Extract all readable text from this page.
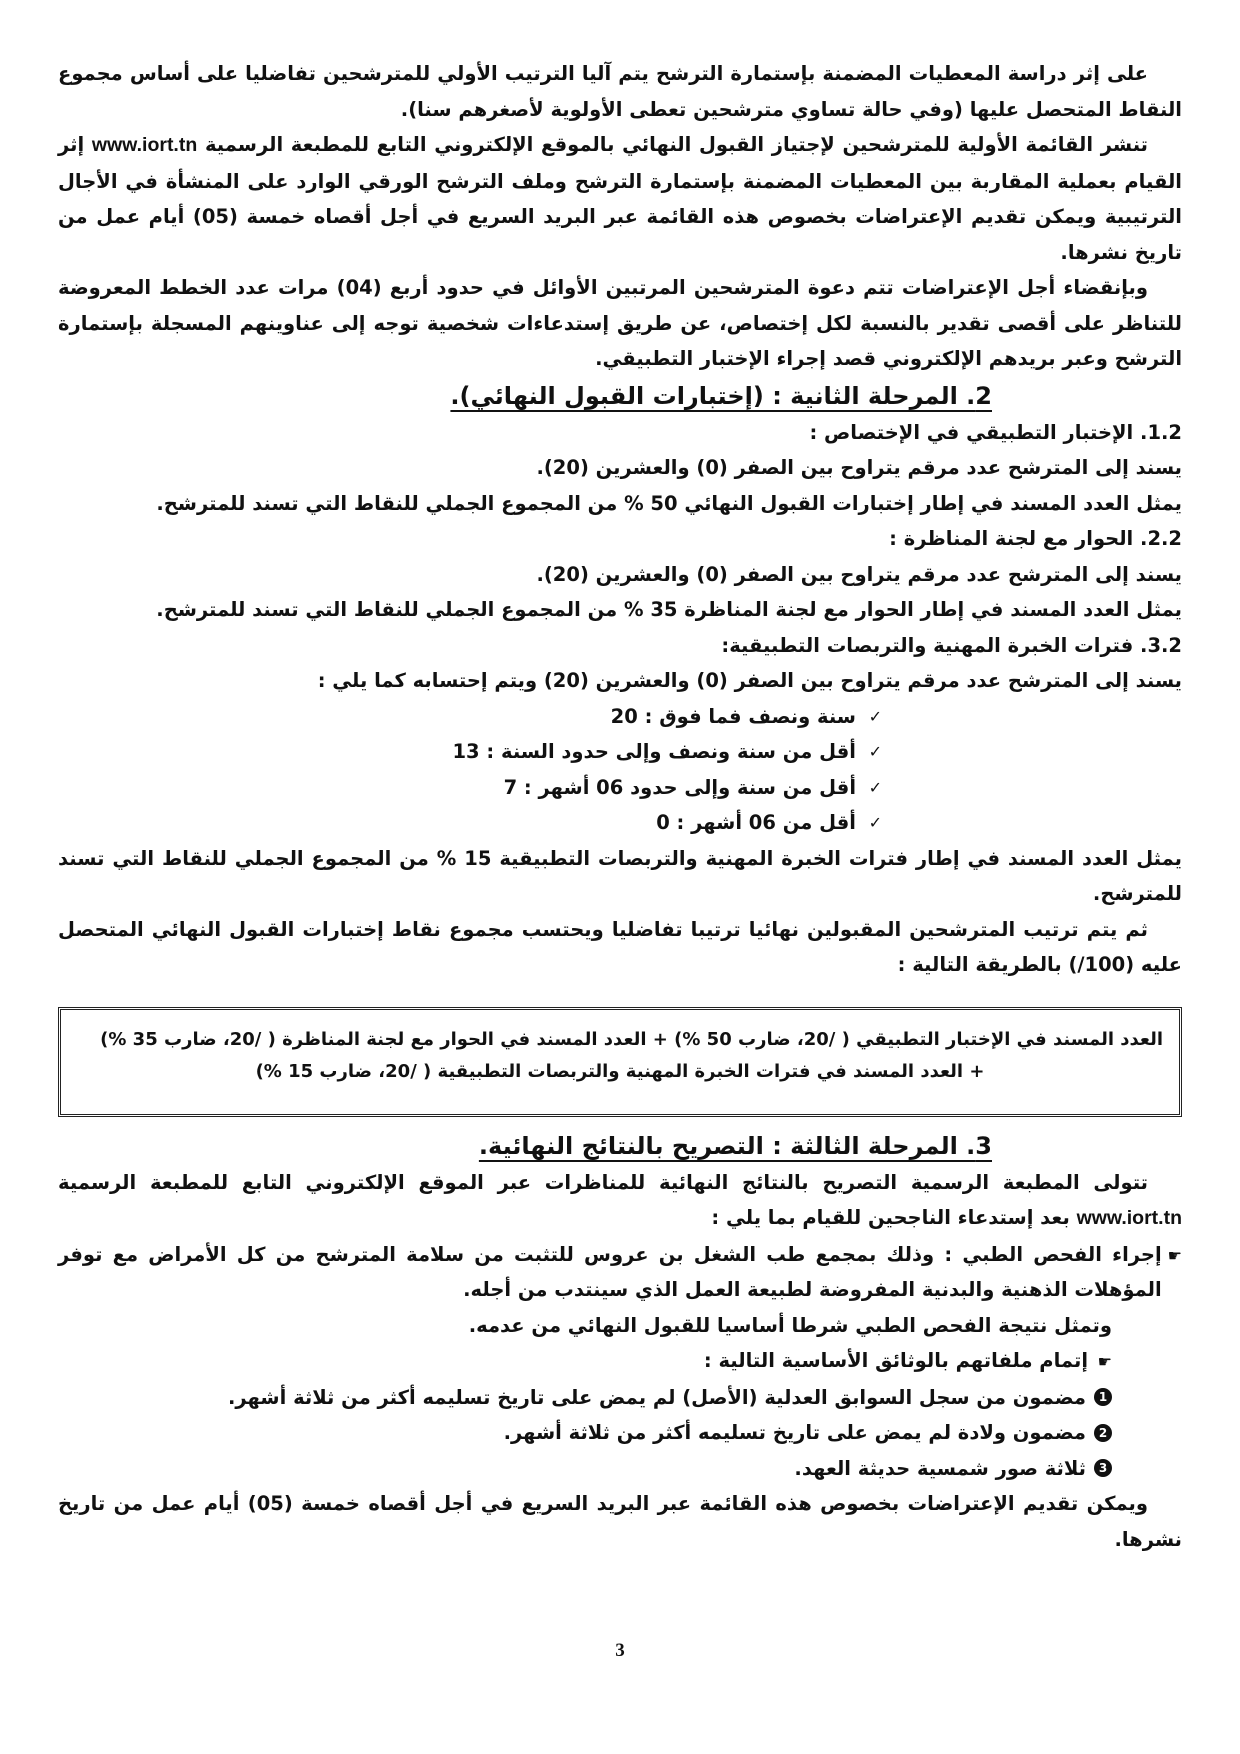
على إثر دراسة المعطيات المضمنة بإستمارة الترشح يتم آليا الترتيب الأولي للمترشحين تفاضليا على أساس مجموع النقاط المتحصل عليها (وفي حالة تساوي مترشحين تعطى الأولوية لأصغرهم سنا).

تنشر القائمة الأولية للمترشحين لإجتياز القبول النهائي بالموقع الإلكتروني التابع للمطبعة الرسمية www.iort.tn إثر القيام بعملية المقاربة بين المعطيات المضمنة بإستمارة الترشح وملف الترشح الورقي الوارد على المنشأة في الأجال الترتيبية ويمكن تقديم الإعتراضات بخصوص هذه القائمة عبر البريد السريع في أجل أقصاه خمسة (05) أيام عمل من تاريخ نشرها.

وبإنقضاء أجل الإعتراضات تتم دعوة المترشحين المرتبين الأوائل في حدود أربع (04) مرات عدد الخطط المعروضة للتناظر على أقصى تقدير بالنسبة لكل إختصاص، عن طريق إستدعاءات شخصية توجه إلى عناوينهم المسجلة بإستمارة الترشح وعبر بريدهم الإلكتروني قصد إجراء الإختبار التطبيقي.

2. المرحلة الثانية : (إختبارات القبول النهائي).

1.2. الإختبار التطبيقي في الإختصاص :

يسند إلى المترشح عدد مرقم يتراوح بين الصفر (0) والعشرين (20).

يمثل العدد المسند في إطار إختبارات القبول النهائي 50 % من المجموع الجملي للنقاط التي تسند للمترشح.

2.2. الحوار مع لجنة المناظرة :

يسند إلى المترشح عدد مرقم يتراوح بين الصفر (0) والعشرين (20).

يمثل العدد المسند في إطار الحوار مع لجنة المناظرة 35 % من المجموع الجملي للنقاط التي تسند للمترشح.

3.2. فترات الخبرة المهنية والتربصات التطبيقية:

يسند إلى المترشح عدد مرقم يتراوح بين الصفر (0) والعشرين (20) ويتم إحتسابه كما يلي :

✓
سنة ونصف فما فوق : 20
✓
أقل من سنة ونصف وإلى حدود السنة : 13
✓
أقل من سنة وإلى حدود 06 أشهر : 7
✓
أقل من 06 أشهر : 0

يمثل العدد المسند في إطار فترات الخبرة المهنية والتربصات التطبيقية 15 % من المجموع الجملي للنقاط التي تسند للمترشح.

ثم يتم ترتيب المترشحين المقبولين نهائيا ترتيبا تفاضليا ويحتسب مجموع نقاط إختبارات القبول النهائي المتحصل عليه (100/) بالطريقة التالية :

العدد المسند في الإختبار التطبيقي ( /20، ضارب 50 %) + العدد المسند في الحوار مع لجنة المناظرة ( /20، ضارب 35 %)

+ العدد المسند في فترات الخبرة المهنية والتربصات التطبيقية ( /20، ضارب 15 %)

3. المرحلة الثالثة : التصريح بالنتائج النهائية.

تتولى المطبعة الرسمية التصريح بالنتائج النهائية للمناظرات عبر الموقع الإلكتروني التابع للمطبعة الرسمية www.iort.tn بعد إستدعاء الناجحين للقيام بما يلي :

☛
إجراء الفحص الطبي : وذلك بمجمع طب الشغل بن عروس للتثبت من سلامة المترشح من كل الأمراض مع توفر المؤهلات الذهنية والبدنية المفروضة لطبيعة العمل الذي سينتدب من أجله.

وتمثل نتيجة الفحص الطبي شرطا أساسيا للقبول النهائي من عدمه.

☛
إتمام ملفاتهم بالوثائق الأساسية التالية :

1
مضمون من سجل السوابق العدلية (الأصل) لم يمض على تاريخ تسليمه أكثر من ثلاثة أشهر.
2
مضمون ولادة لم يمض على تاريخ تسليمه أكثر من ثلاثة أشهر.
3
ثلاثة صور شمسية حديثة العهد.

ويمكن تقديم الإعتراضات بخصوص هذه القائمة عبر البريد السريع في أجل أقصاه خمسة (05) أيام عمل من تاريخ نشرها.

3
